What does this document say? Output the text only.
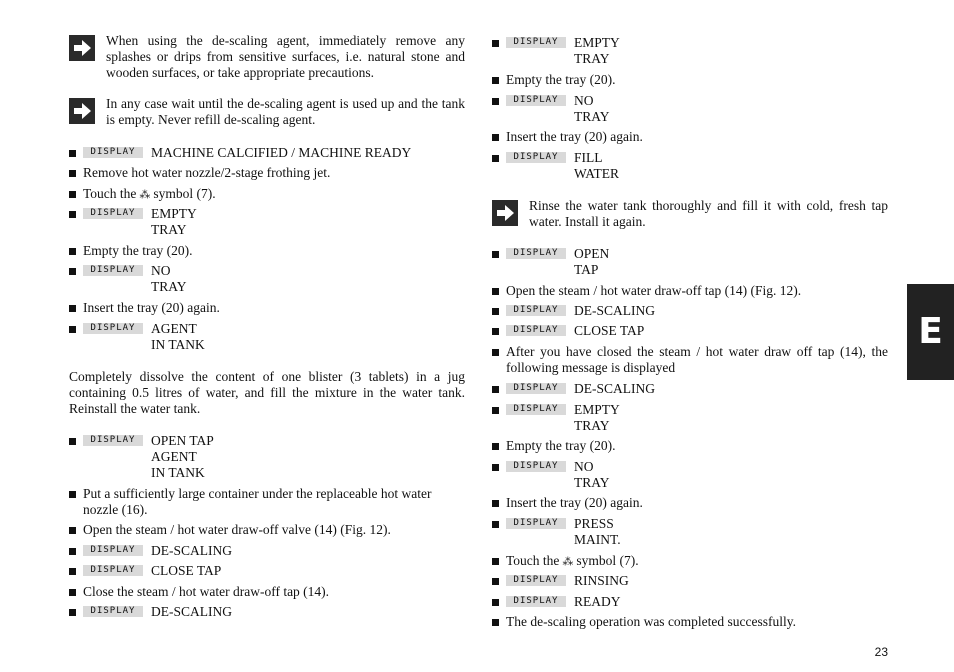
When using the de-scaling agent, immediately remove any splashes or drips from sensitive surfaces, i.e. natural stone and wooden surfaces, or take appropriate precautions.
In any case wait until the de-scaling agent is used up and the tank is empty. Never refill de-scaling agent.
DISPLAY	MACHINE CALCIFIED / MACHINE READY
Remove hot water nozzle/2-stage frothing jet.
Touch the ⁂ symbol (7).
DISPLAY	EMPTY
TRAY
Empty the tray (20).
DISPLAY	NO
TRAY
Insert the tray (20) again.
DISPLAY	AGENT
IN TANK
Completely dissolve the content of one blister (3 tablets) in a jug containing 0.5 litres of water, and fill the mixture in the water tank. Reinstall the water tank.
DISPLAY	OPEN TAP
AGENT
IN TANK
Put a sufficiently large container under the replaceable hot water nozzle (16).
Open the steam / hot water draw-off valve (14) (Fig. 12).
DISPLAY	DE-SCALING
DISPLAY	CLOSE TAP
Close the steam / hot water draw-off tap (14).
DISPLAY	DE-SCALING
DISPLAY	EMPTY
TRAY
Empty the tray (20).
DISPLAY	NO
TRAY
Insert the tray (20) again.
DISPLAY	FILL
WATER
Rinse the water tank thoroughly and fill it with cold, fresh tap water. Install it again.
DISPLAY	OPEN
TAP
Open the steam / hot water draw-off tap (14) (Fig. 12).
DISPLAY	DE-SCALING
DISPLAY	CLOSE TAP
After you have closed the steam / hot water draw off tap (14), the following message is displayed
DISPLAY	DE-SCALING
DISPLAY	EMPTY
TRAY
Empty the tray (20).
DISPLAY	NO
TRAY
Insert the tray (20) again.
DISPLAY	PRESS
MAINT.
Touch the ⁂ symbol (7).
DISPLAY	RINSING
DISPLAY	READY
The de-scaling operation was completed successfully.
E
23
